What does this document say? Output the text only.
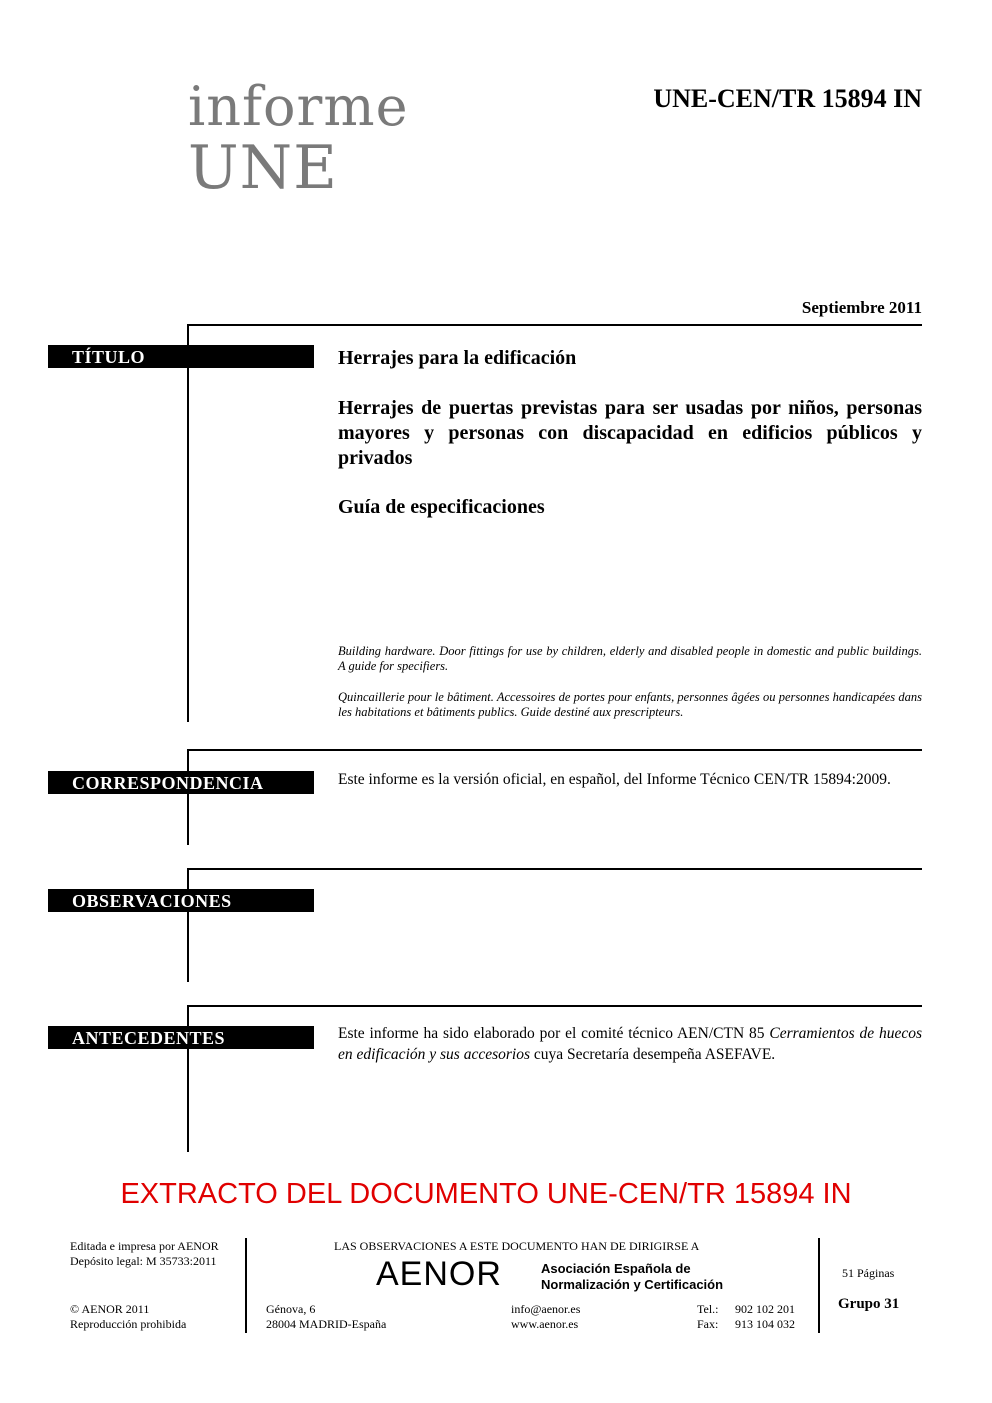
informe
UNE
UNE-CEN/TR 15894 IN
Septiembre 2011
TÍTULO	Herrajes para la edificación
Herrajes de puertas previstas para ser usadas por niños, personas mayores y personas con discapacidad en edificios públicos y privados
Guía de especificaciones
Building hardware. Door fittings for use by children, elderly and disabled people in domestic and public buildings. A guide for specifiers.
Quincaillerie pour le bâtiment. Accessoires de portes pour enfants, personnes âgées ou personnes handicapées dans les habitations et bâtiments publics. Guide destiné aux prescripteurs.
CORRESPONDENCIA	Este informe es la versión oficial, en español, del Informe Técnico CEN/TR 15894:2009.
OBSERVACIONES
ANTECEDENTES	Este informe ha sido elaborado por el comité técnico AEN/CTN 85 Cerramientos de huecos en edificación y sus accesorios cuya Secretaría desempeña ASEFAVE.
EXTRACTO DEL DOCUMENTO UNE-CEN/TR 15894 IN
Editada e impresa por AENOR
Depósito legal: M 35733:2011
© AENOR 2011
Reproducción prohibida
LAS OBSERVACIONES A ESTE DOCUMENTO HAN DE DIRIGIRSE A
AENOR	Asociación Española de
Normalización y Certificación
Génova, 6
28004 MADRID-España
info@aenor.es
www.aenor.es
Tel.: 902 102 201
Fax: 913 104 032
51 Páginas
Grupo 31
